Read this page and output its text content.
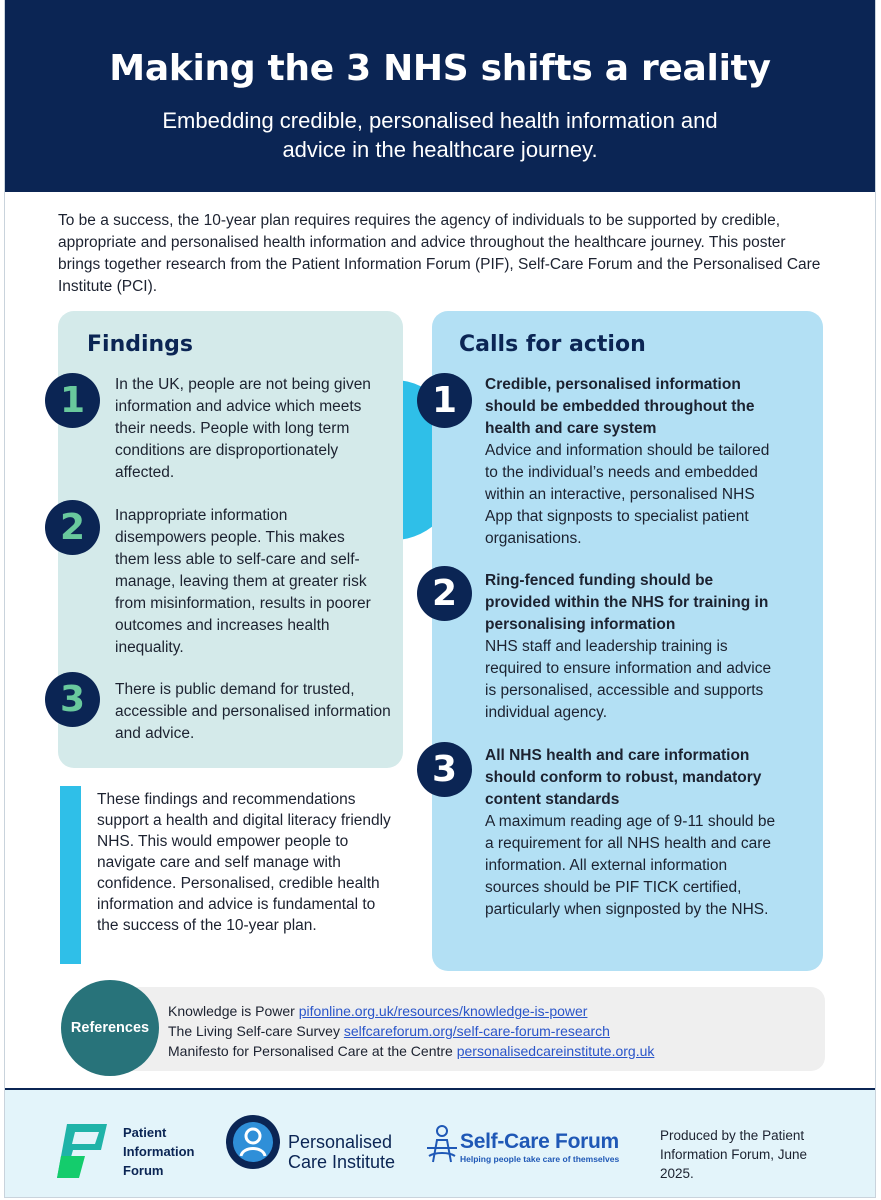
Making the 3 NHS shifts a reality
Embedding credible, personalised health information and advice in the healthcare journey.
To be a success, the 10-year plan requires requires the agency of individuals to be supported by credible, appropriate and personalised health information and advice throughout the healthcare journey. This poster brings together research from the Patient Information Forum (PIF), Self-Care Forum and the Personalised Care Institute (PCI).
Findings
1	In the UK, people are not being given information and advice which meets their needs. People with long term conditions are disproportionately affected.
2	Inappropriate information disempowers people. This makes them less able to self-care and self-manage, leaving them at greater risk from misinformation, results in poorer outcomes and increases health inequality.
3	There is public demand for trusted, accessible and personalised information and advice.
Calls for action
1	Credible, personalised information should be embedded throughout the health and care system
Advice and information should be tailored to the individual’s needs and embedded within an interactive, personalised NHS App that signposts to specialist patient organisations.
2	Ring-fenced funding should be provided within the NHS for training in personalising information
NHS staff and leadership training is required to ensure information and advice is personalised, accessible and supports individual agency.
3	All NHS health and care information should conform to robust, mandatory content standards
A maximum reading age of 9-11 should be a requirement for all NHS health and care information. All external information sources should be PIF TICK certified, particularly when signposted by the NHS.
These findings and recommendations support a health and digital literacy friendly NHS. This would empower people to navigate care and self manage with confidence. Personalised, credible health information and advice is fundamental to the success of the 10-year plan.
References
Knowledge is Power pifonline.org.uk/resources/knowledge-is-power
The Living Self-care Survey selfcareforum.org/self-care-forum-research
Manifesto for Personalised Care at the Centre personalisedcareinstitute.org.uk
Patient
Information
Forum
Personalised
Care Institute
Self-Care Forum
Helping people take care of themselves
Produced by the Patient Information Forum, June 2025.
